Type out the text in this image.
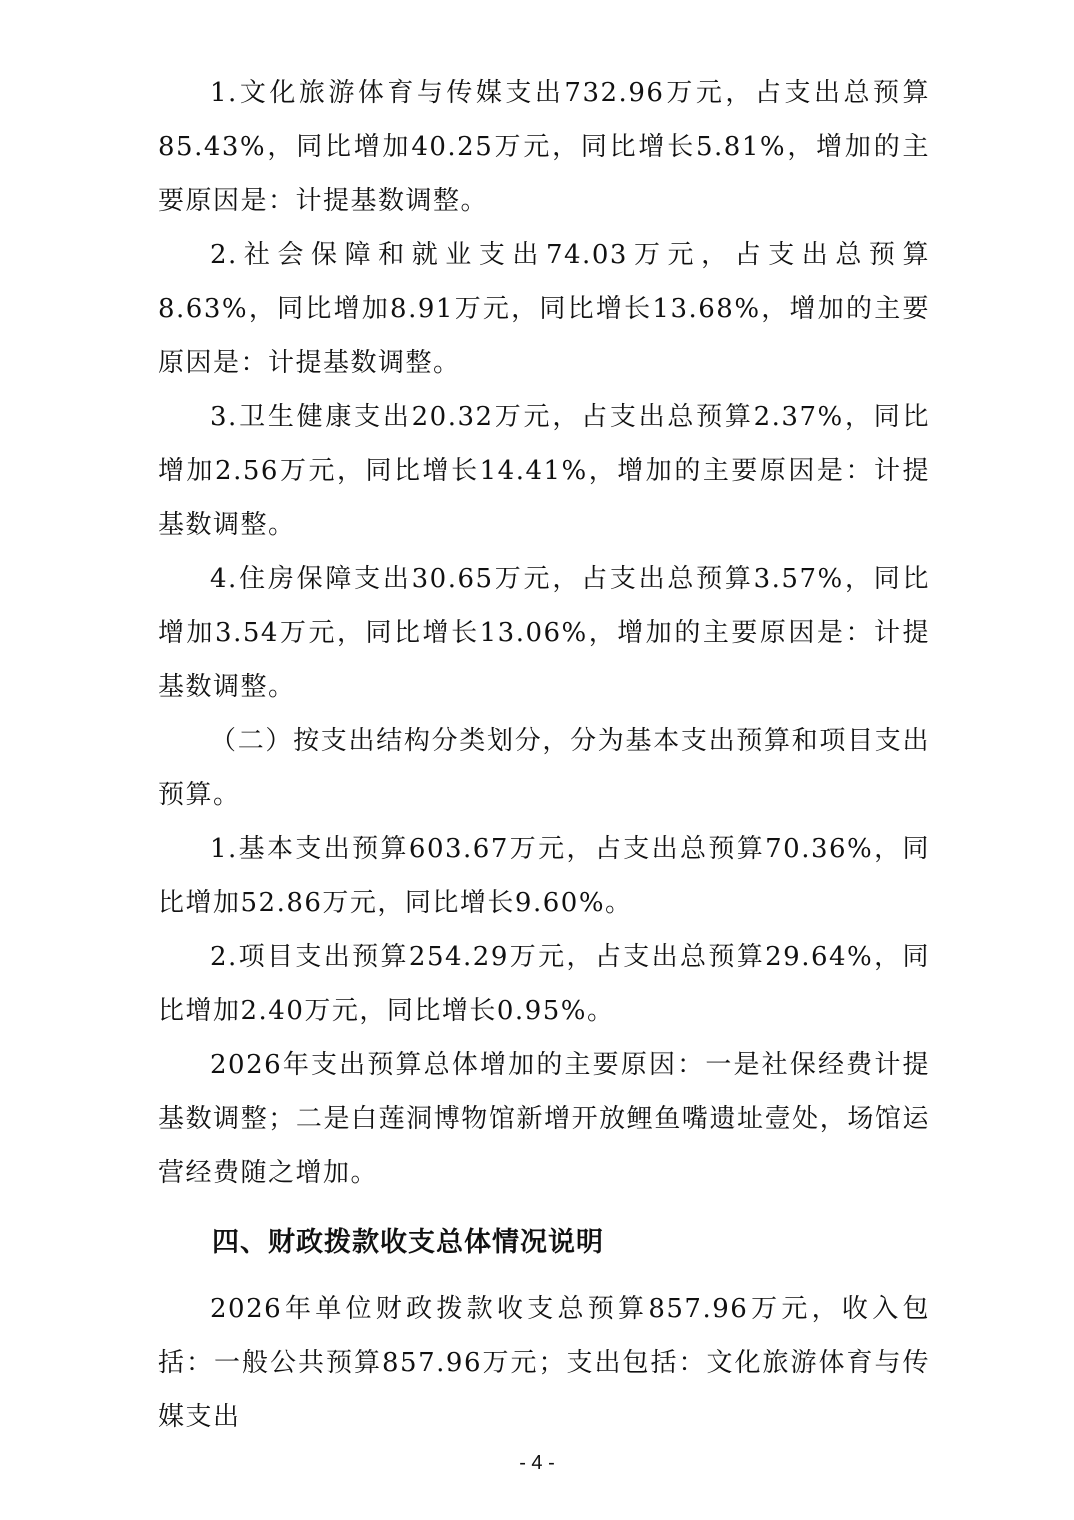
1.文化旅游体育与传媒支出732.96万元，占支出总预算85.43%，同比增加40.25万元，同比增长5.81%，增加的主要原因是：计提基数调整。

2.社会保障和就业支出74.03万元，占支出总预算8.63%，同比增加8.91万元，同比增长13.68%，增加的主要原因是：计提基数调整。

3.卫生健康支出20.32万元，占支出总预算2.37%，同比增加2.56万元，同比增长14.41%，增加的主要原因是：计提基数调整。

4.住房保障支出30.65万元，占支出总预算3.57%，同比增加3.54万元，同比增长13.06%，增加的主要原因是：计提基数调整。

（二）按支出结构分类划分，分为基本支出预算和项目支出预算。

1.基本支出预算603.67万元，占支出总预算70.36%，同比增加52.86万元，同比增长9.60%。

2.项目支出预算254.29万元，占支出总预算29.64%，同比增加2.40万元，同比增长0.95%。

2026年支出预算总体增加的主要原因：一是社保经费计提基数调整；二是白莲洞博物馆新增开放鲤鱼嘴遗址壹处，场馆运营经费随之增加。

四、财政拨款收支总体情况说明

2026年单位财政拨款收支总预算857.96万元，收入包括：一般公共预算857.96万元；支出包括：文化旅游体育与传媒支出

- 4 -
